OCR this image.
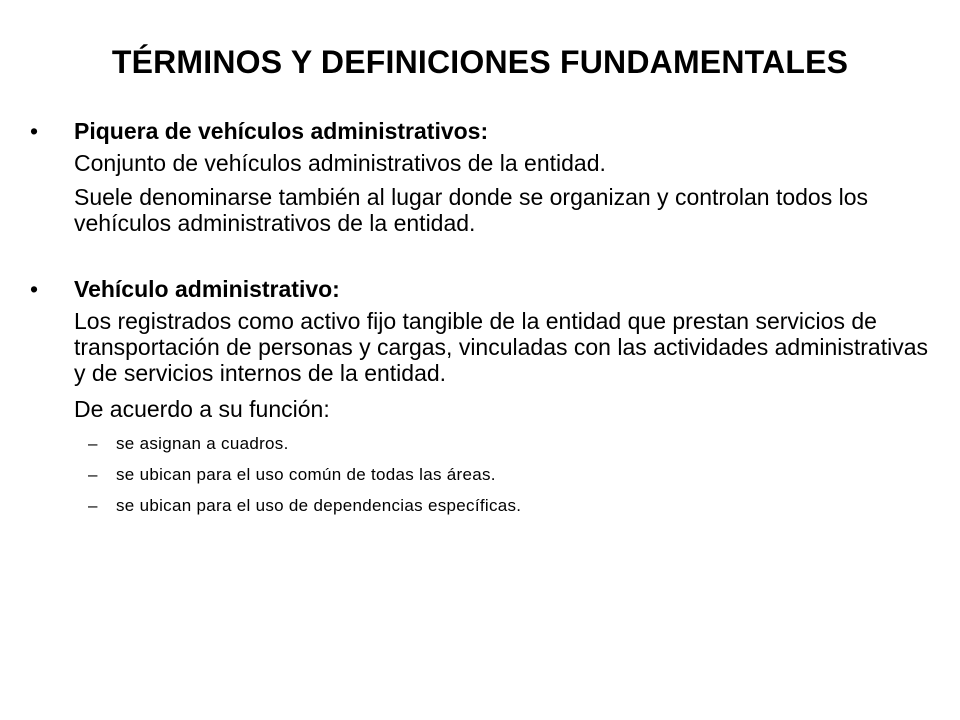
TÉRMINOS Y DEFINICIONES FUNDAMENTALES
•	Piquera de vehículos administrativos:
Conjunto de vehículos administrativos de la entidad.
Suele denominarse también al lugar donde se organizan y controlan todos los vehículos administrativos de la entidad.
•	Vehículo administrativo:
Los registrados como activo fijo tangible de la entidad que prestan servicios de transportación de personas y cargas, vinculadas con las actividades administrativas y de servicios internos de la entidad.
De acuerdo a su función:
–	se asignan a cuadros.
–	se ubican para el uso común de todas las áreas.
–	se ubican para el uso de dependencias específicas.
